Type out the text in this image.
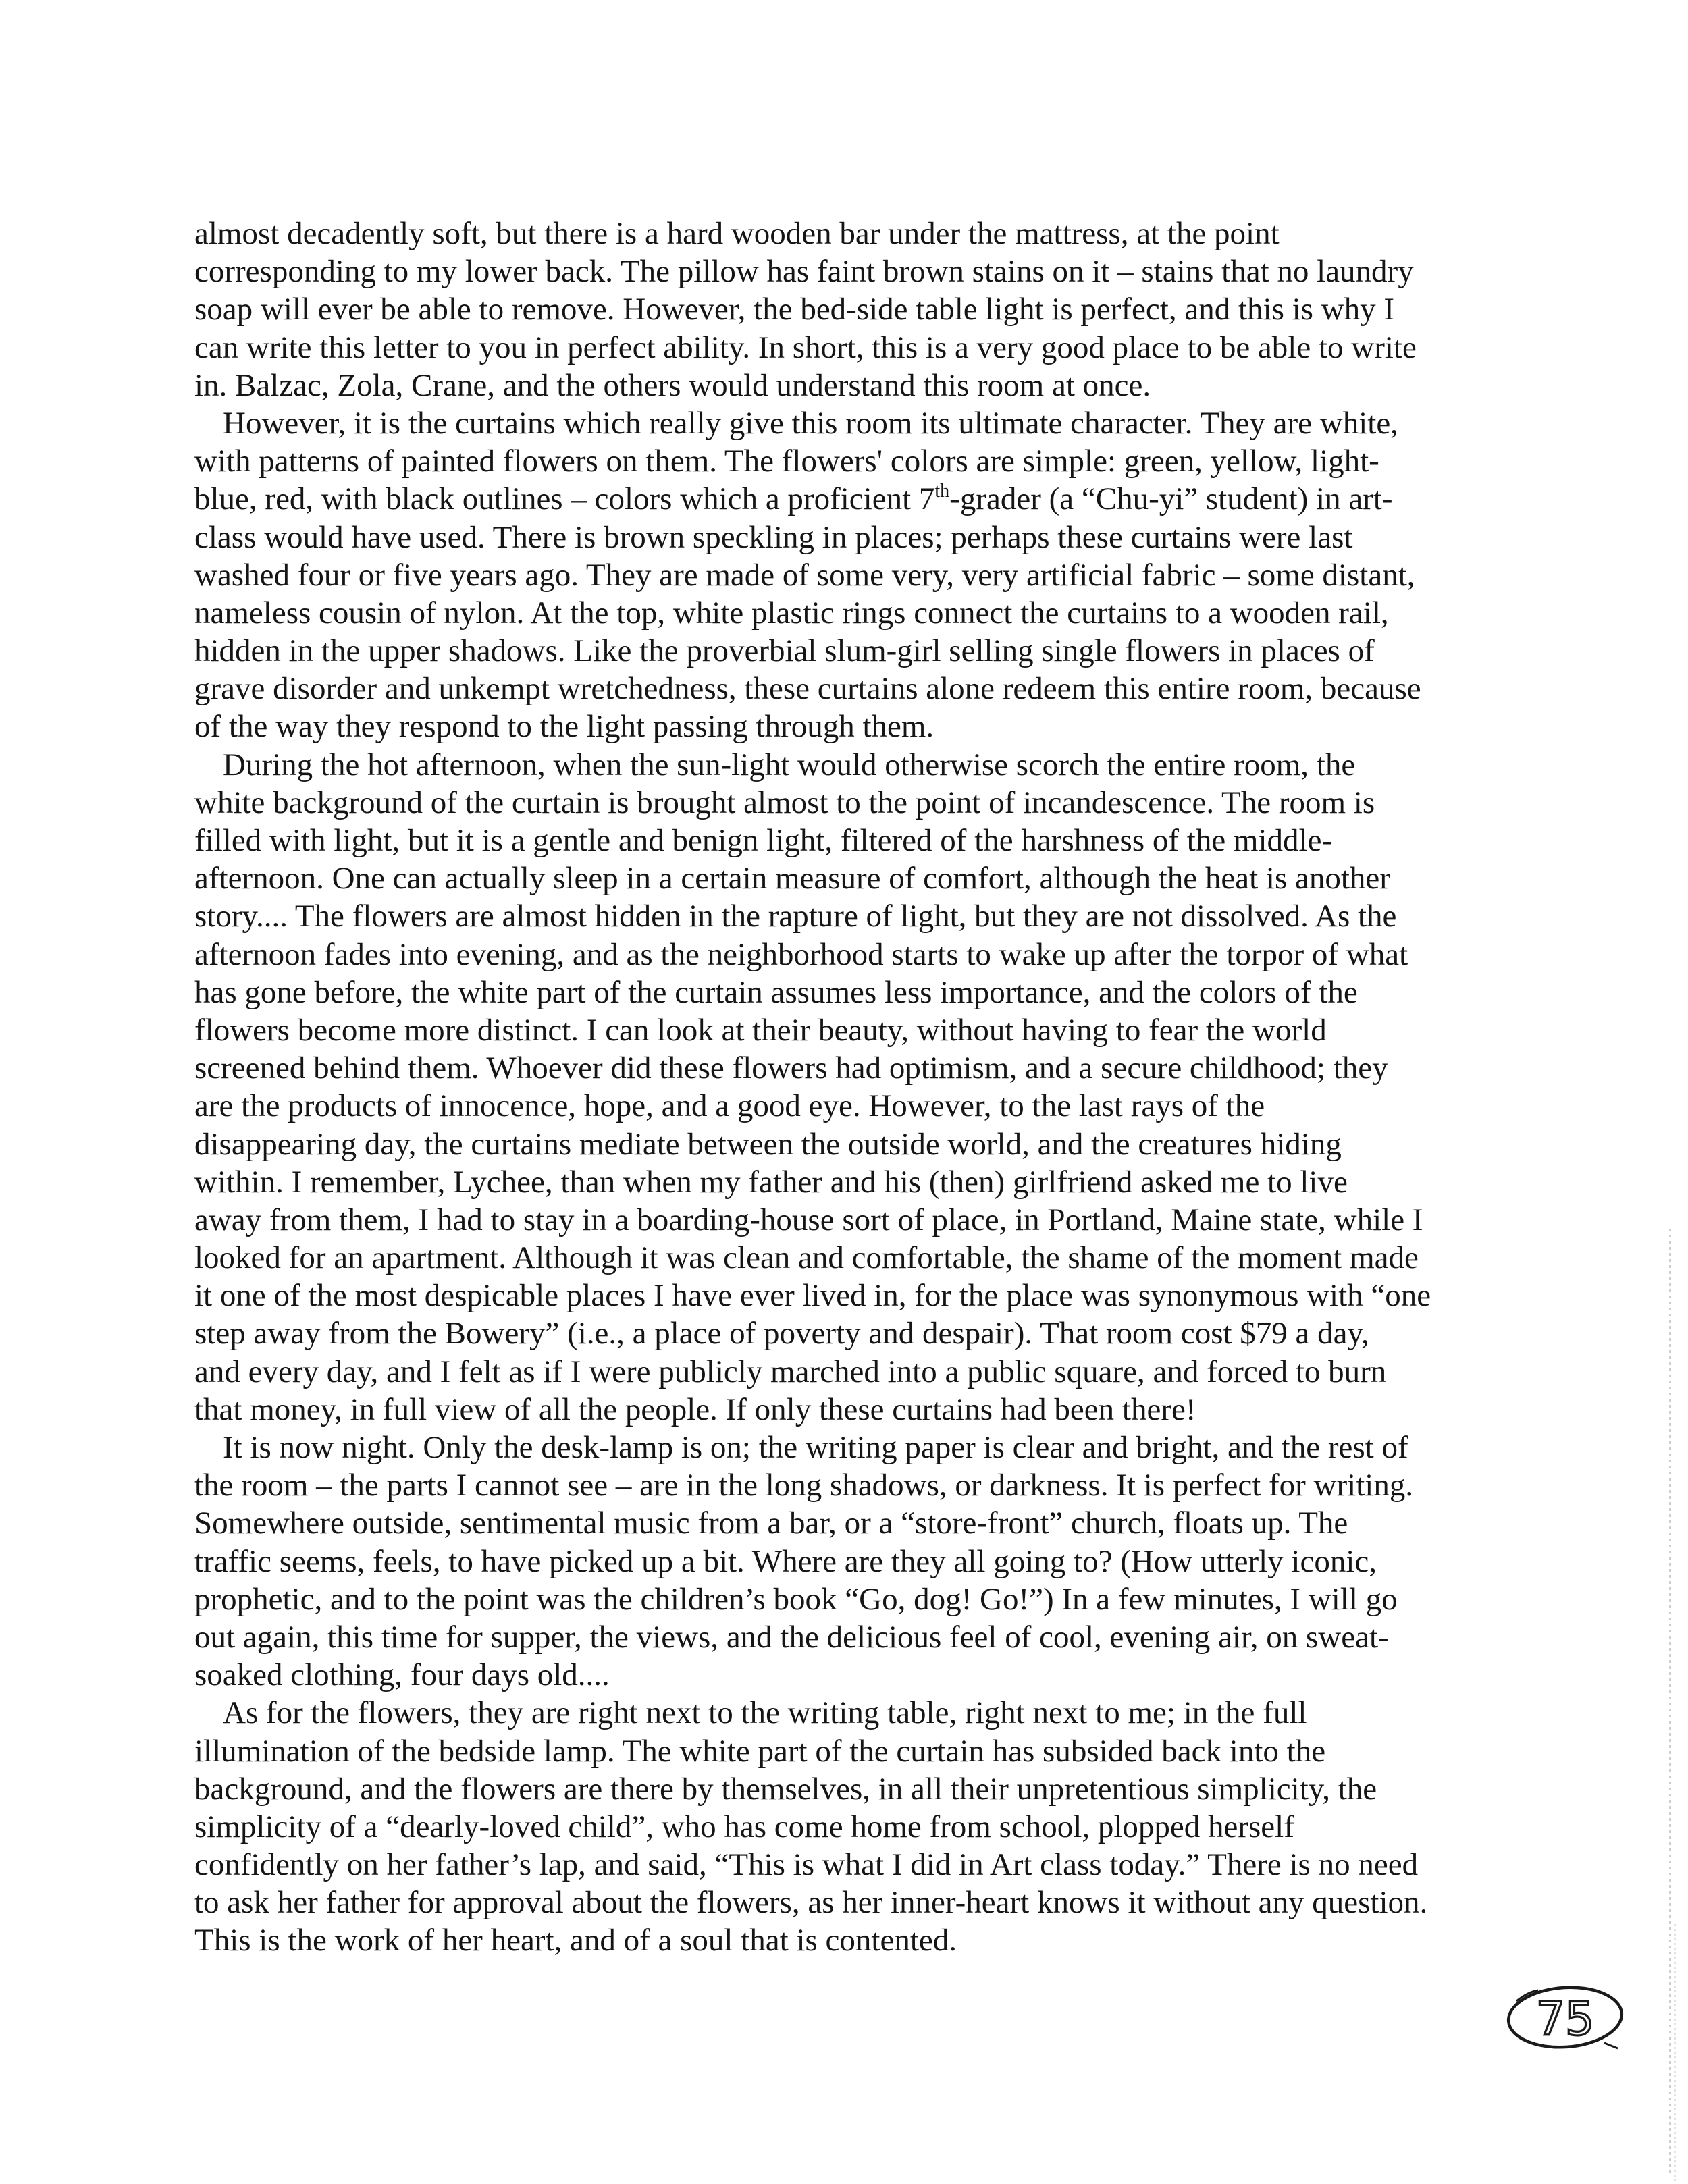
almost decadently soft, but there is a hard wooden bar under the mattress, at the point
corresponding to my lower back. The pillow has faint brown stains on it – stains that no laundry
soap will ever be able to remove. However, the bed-side table light is perfect, and this is why I
can write this letter to you in perfect ability. In short, this is a very good place to be able to write
in. Balzac, Zola, Crane, and the others would understand this room at once.
However, it is the curtains which really give this room its ultimate character. They are white,
with patterns of painted flowers on them. The flowers' colors are simple: green, yellow, light-
blue, red, with black outlines – colors which a proficient 7th-grader (a “Chu-yi” student) in art-
class would have used. There is brown speckling in places; perhaps these curtains were last
washed four or five years ago. They are made of some very, very artificial fabric – some distant,
nameless cousin of nylon. At the top, white plastic rings connect the curtains to a wooden rail,
hidden in the upper shadows. Like the proverbial slum-girl selling single flowers in places of
grave disorder and unkempt wretchedness, these curtains alone redeem this entire room, because
of the way they respond to the light passing through them.
During the hot afternoon, when the sun-light would otherwise scorch the entire room, the
white background of the curtain is brought almost to the point of incandescence. The room is
filled with light, but it is a gentle and benign light, filtered of the harshness of the middle-
afternoon. One can actually sleep in a certain measure of comfort, although the heat is another
story.... The flowers are almost hidden in the rapture of light, but they are not dissolved. As the
afternoon fades into evening, and as the neighborhood starts to wake up after the torpor of what
has gone before, the white part of the curtain assumes less importance, and the colors of the
flowers become more distinct. I can look at their beauty, without having to fear the world
screened behind them. Whoever did these flowers had optimism, and a secure childhood; they
are the products of innocence, hope, and a good eye. However, to the last rays of the
disappearing day, the curtains mediate between the outside world, and the creatures hiding
within. I remember, Lychee, than when my father and his (then) girlfriend asked me to live
away from them, I had to stay in a boarding-house sort of place, in Portland, Maine state, while I
looked for an apartment. Although it was clean and comfortable, the shame of the moment made
it one of the most despicable places I have ever lived in, for the place was synonymous with “one
step away from the Bowery” (i.e., a place of poverty and despair). That room cost $79 a day,
and every day, and I felt as if I were publicly marched into a public square, and forced to burn
that money, in full view of all the people. If only these curtains had been there!
It is now night. Only the desk-lamp is on; the writing paper is clear and bright, and the rest of
the room – the parts I cannot see – are in the long shadows, or darkness. It is perfect for writing.
Somewhere outside, sentimental music from a bar, or a “store-front” church, floats up. The
traffic seems, feels, to have picked up a bit. Where are they all going to? (How utterly iconic,
prophetic, and to the point was the children’s book “Go, dog! Go!”) In a few minutes, I will go
out again, this time for supper, the views, and the delicious feel of cool, evening air, on sweat-
soaked clothing, four days old....
As for the flowers, they are right next to the writing table, right next to me; in the full
illumination of the bedside lamp. The white part of the curtain has subsided back into the
background, and the flowers are there by themselves, in all their unpretentious simplicity, the
simplicity of a “dearly-loved child”, who has come home from school, plopped herself
confidently on her father’s lap, and said, “This is what I did in Art class today.” There is no need
to ask her father for approval about the flowers, as her inner-heart knows it without any question.
This is the work of her heart, and of a soul that is contented.
75
